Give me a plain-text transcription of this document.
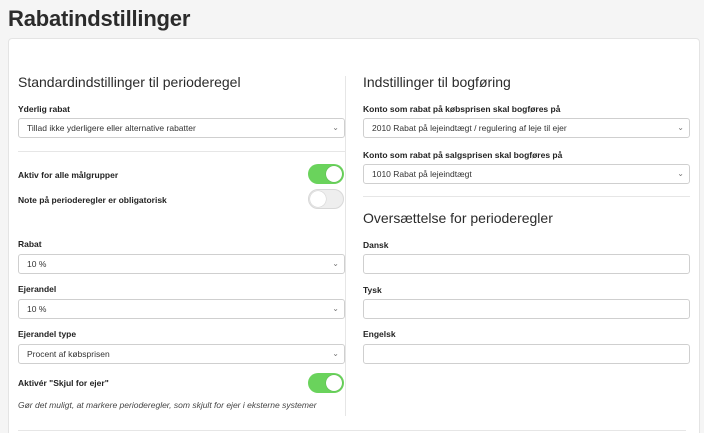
Rabatindstillinger
Standardindstillinger til perioderegel
Yderlig rabat
Tillad ikke yderligere eller alternative rabatter	⌄
Aktiv for alle målgrupper
Note på perioderegler er obligatorisk
Rabat
10 %	⌄
Ejerandel
10 %	⌄
Ejerandel type
Procent af købsprisen	⌄
Aktivér "Skjul for ejer"
Gør det muligt, at markere perioderegler, som skjult for ejer i eksterne systemer
Indstillinger til bogføring
Konto som rabat på købsprisen skal bogføres på
2010 Rabat på lejeindtægt / regulering af leje til ejer	⌄
Konto som rabat på salgsprisen skal bogføres på
1010 Rabat på lejeindtægt	⌄
Oversættelse for perioderegler
Dansk
Tysk
Engelsk
